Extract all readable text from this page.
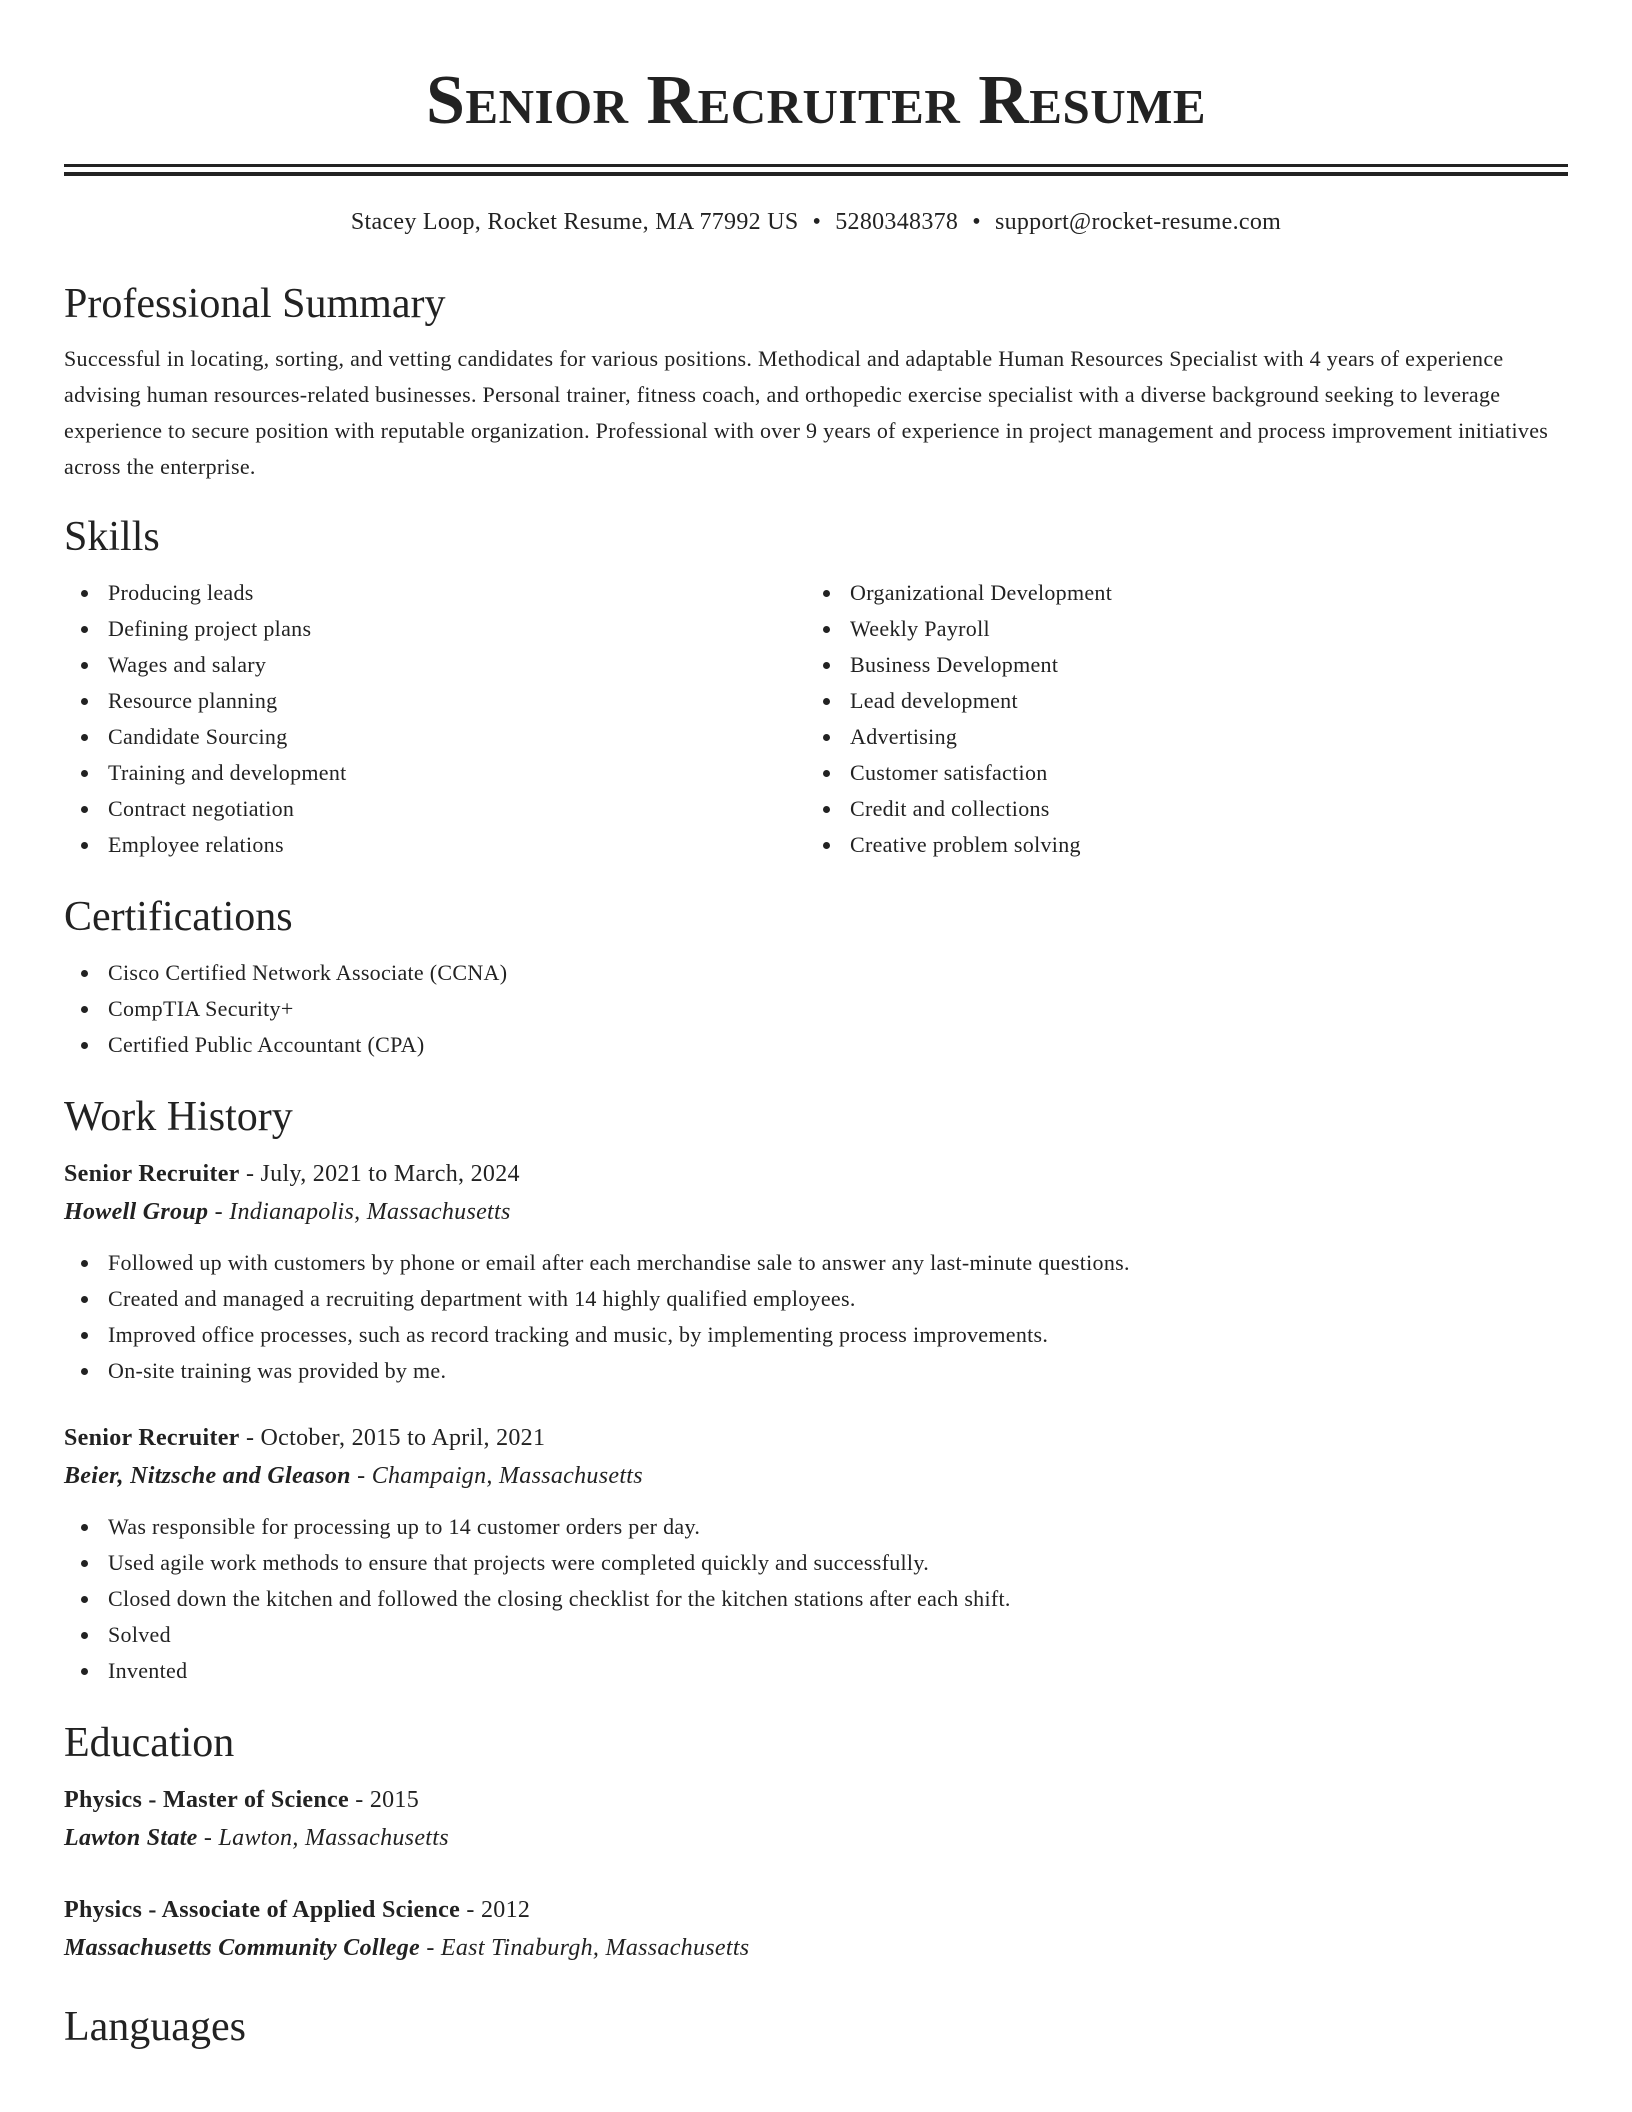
Senior Recruiter Resume
Stacey Loop, Rocket Resume, MA 77992 US • 5280348378 • support@rocket-resume.com
Professional Summary

Successful in locating, sorting, and vetting candidates for various positions. Methodical and adaptable Human Resources Specialist with 4 years of experience advising human resources-related businesses. Personal trainer, fitness coach, and orthopedic exercise specialist with a diverse background seeking to leverage experience to secure position with reputable organization. Professional with over 9 years of experience in project management and process improvement initiatives across the enterprise.

Skills
Producing leads
Defining project plans
Wages and salary
Resource planning
Candidate Sourcing
Training and development
Contract negotiation
Employee relations
Organizational Development
Weekly Payroll
Business Development
Lead development
Advertising
Customer satisfaction
Credit and collections
Creative problem solving
Certifications
Cisco Certified Network Associate (CCNA)
CompTIA Security+
Certified Public Accountant (CPA)
Work History
Senior Recruiter - July, 2021 to March, 2024
Howell Group - Indianapolis, Massachusetts
Followed up with customers by phone or email after each merchandise sale to answer any last-minute questions.
Created and managed a recruiting department with 14 highly qualified employees.
Improved office processes, such as record tracking and music, by implementing process improvements.
On-site training was provided by me.
Senior Recruiter - October, 2015 to April, 2021
Beier, Nitzsche and Gleason - Champaign, Massachusetts
Was responsible for processing up to 14 customer orders per day.
Used agile work methods to ensure that projects were completed quickly and successfully.
Closed down the kitchen and followed the closing checklist for the kitchen stations after each shift.
Solved
Invented
Education
Physics - Master of Science - 2015
Lawton State - Lawton, Massachusetts
Physics - Associate of Applied Science - 2012
Massachusetts Community College - East Tinaburgh, Massachusetts
Languages
